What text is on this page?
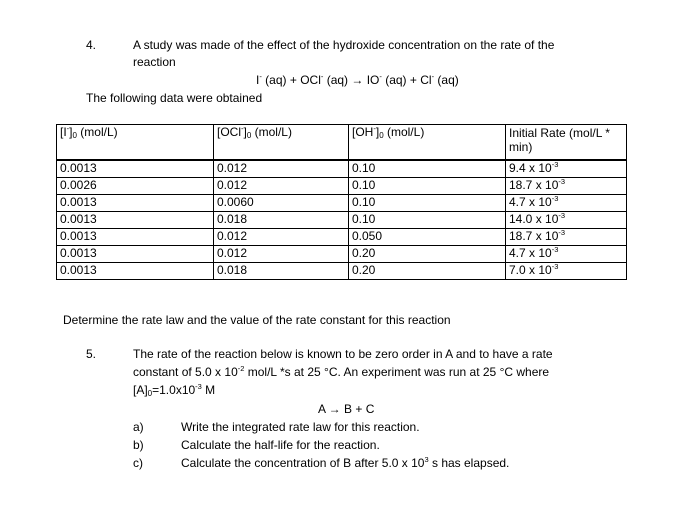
4.	A study was made of the effect of the hydroxide concentration on the rate of the
reaction
I- (aq) + OCl- (aq) → IO- (aq) + Cl- (aq)
The following data were obtained
$[I^-]_0$ (mol/L)	$[OCl^-]_0$ (mol/L)	$[OH^-]_0$ (mol/L)	Initial Rate (mol/L * min)
0.0013	0.012	0.10	9.4 x $10^{-3}$
0.0026	0.012	0.10	18.7 x $10^{-3}$
0.0013	0.0060	0.10	4.7 x $10^{-3}$
0.0013	0.018	0.10	14.0 x $10^{-3}$
0.0013	0.012	0.050	18.7 x $10^{-3}$
0.0013	0.012	0.20	4.7 x $10^{-3}$
0.0013	0.018	0.20	7.0 x $10^{-3}$
Determine the rate law and the value of the rate constant for this reaction
5.	The rate of the reaction below is known to be zero order in A and to have a rate
constant of 5.0 x $10^{-2}$ mol/L *s at 25 °C. An experiment was run at 25 °C where
$[A]_0=1.0x10^{-3}$ M
A → B + C
a)	Write the integrated rate law for this reaction.
b)	Calculate the half-life for the reaction.
c)	Calculate the concentration of B after 5.0 x $10^3$ s has elapsed.
